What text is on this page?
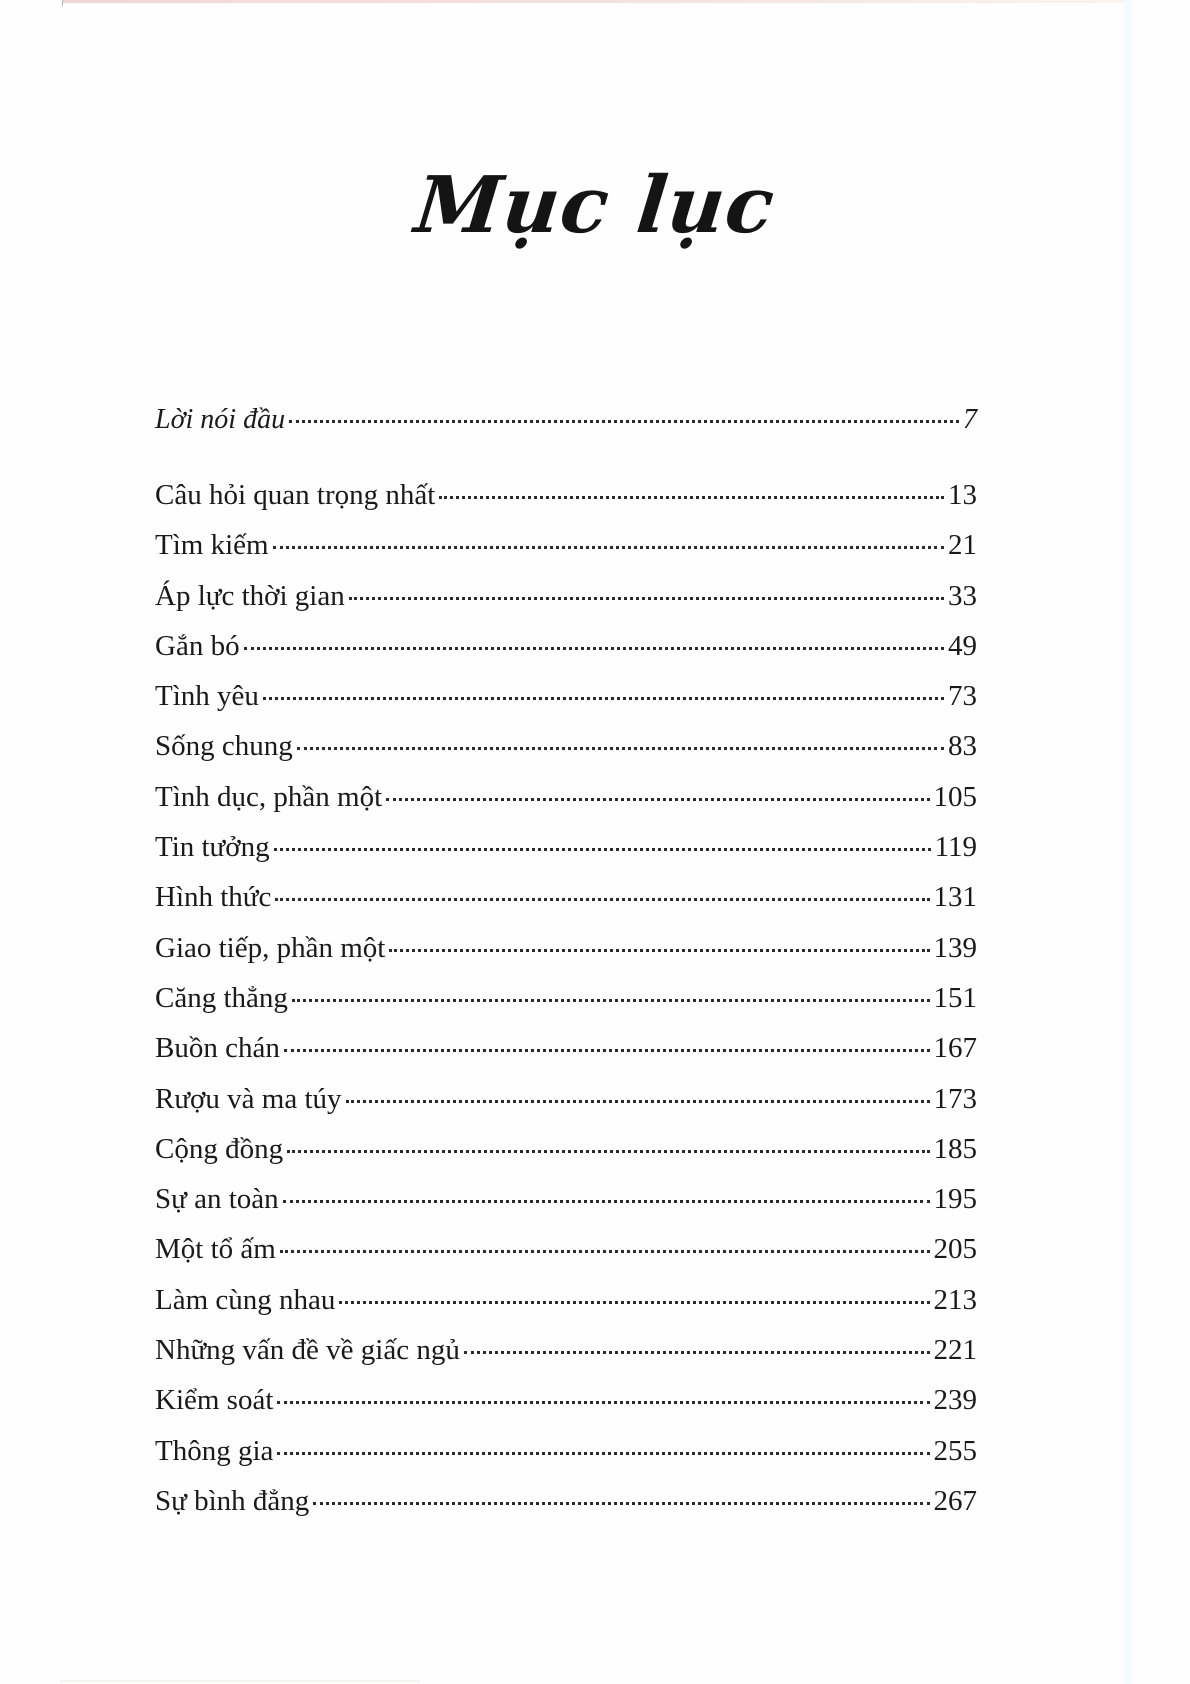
Mục lục
Lời nói đầu	7
Câu hỏi quan trọng nhất	13
Tìm kiếm	21
Áp lực thời gian	33
Gắn bó	49
Tình yêu	73
Sống chung	83
Tình dục, phần một	105
Tin tưởng	119
Hình thức	131
Giao tiếp, phần một	139
Căng thẳng	151
Buồn chán	167
Rượu và ma túy	173
Cộng đồng	185
Sự an toàn	195
Một tổ ấm	205
Làm cùng nhau	213
Những vấn đề về giấc ngủ	221
Kiểm soát	239
Thông gia	255
Sự bình đẳng	267
